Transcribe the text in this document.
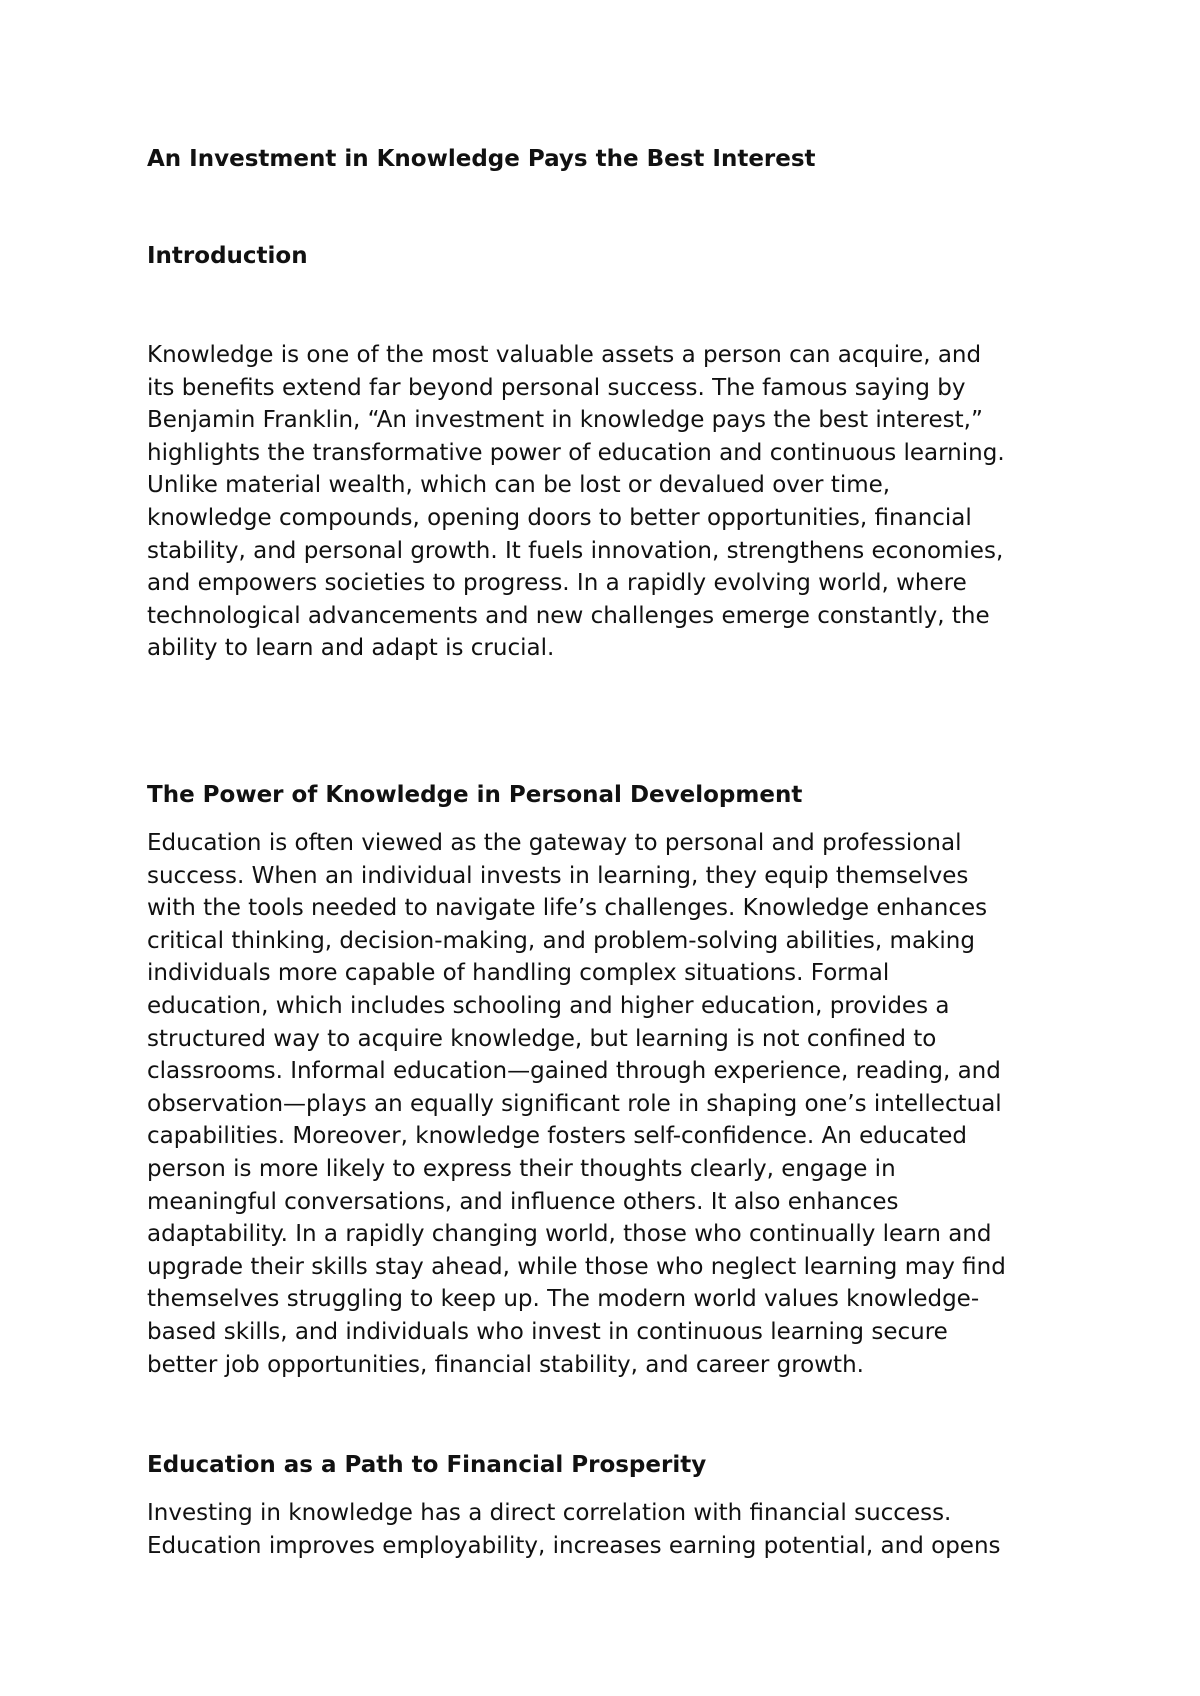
An Investment in Knowledge Pays the Best Interest
Introduction
Knowledge is one of the most valuable assets a person can acquire, and
its benefits extend far beyond personal success. The famous saying by
Benjamin Franklin, “An investment in knowledge pays the best interest,”
highlights the transformative power of education and continuous learning.
Unlike material wealth, which can be lost or devalued over time,
knowledge compounds, opening doors to better opportunities, financial
stability, and personal growth. It fuels innovation, strengthens economies,
and empowers societies to progress. In a rapidly evolving world, where
technological advancements and new challenges emerge constantly, the
ability to learn and adapt is crucial.
The Power of Knowledge in Personal Development
Education is often viewed as the gateway to personal and professional
success. When an individual invests in learning, they equip themselves
with the tools needed to navigate life’s challenges. Knowledge enhances
critical thinking, decision-making, and problem-solving abilities, making
individuals more capable of handling complex situations. Formal
education, which includes schooling and higher education, provides a
structured way to acquire knowledge, but learning is not confined to
classrooms. Informal education—gained through experience, reading, and
observation—plays an equally significant role in shaping one’s intellectual
capabilities. Moreover, knowledge fosters self-confidence. An educated
person is more likely to express their thoughts clearly, engage in
meaningful conversations, and influence others. It also enhances
adaptability. In a rapidly changing world, those who continually learn and
upgrade their skills stay ahead, while those who neglect learning may find
themselves struggling to keep up. The modern world values knowledge-
based skills, and individuals who invest in continuous learning secure
better job opportunities, financial stability, and career growth.
Education as a Path to Financial Prosperity
Investing in knowledge has a direct correlation with financial success.
Education improves employability, increases earning potential, and opens
